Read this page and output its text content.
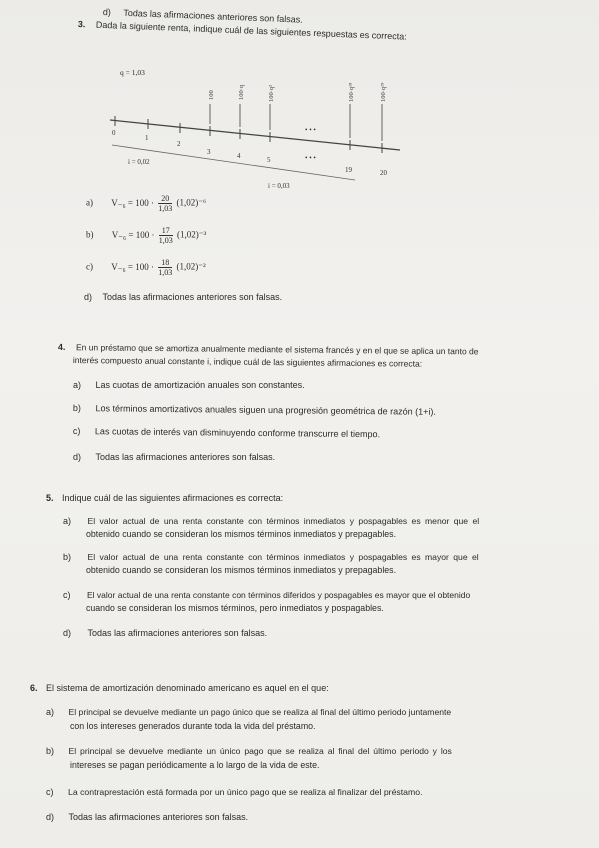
d) Todas las afirmaciones anteriores son falsas.
3. Dada la siguiente renta, indique cuál de las siguientes respuestas es correcta:
q = 1,03
0
1
2
3	4	5
19	20
• • •
• • •
100	100·q	100·q²	100·q¹⁸	100·q¹⁹
i = 0,02
i = 0,03
a) $V_{-6} = 100 \cdot \frac{20}{1,03} (1,02)^{-6}$
b) $V_{-6} = 100 \cdot \frac{17}{1,03} (1,02)^{-3}$
c) $V_{-6} = 100 \cdot \frac{18}{1,03} (1,02)^{-2}$
d) Todas las afirmaciones anteriores son falsas.
4. En un préstamo que se amortiza anualmente mediante el sistema francés y en el que se aplica un tanto de
interés compuesto anual constante i, indique cuál de las siguientes afirmaciones es correcta:
a) Las cuotas de amortización anuales son constantes.
b) Los términos amortizativos anuales siguen una progresión geométrica de razón (1+i).
c) Las cuotas de interés van disminuyendo conforme transcurre el tiempo.
d) Todas las afirmaciones anteriores son falsas.
5. Indique cuál de las siguientes afirmaciones es correcta:
a) El valor actual de una renta constante con términos inmediatos y pospagables es menor que el
obtenido cuando se consideran los mismos términos inmediatos y prepagables.
b) El valor actual de una renta constante con términos inmediatos y pospagables es mayor que el
obtenido cuando se consideran los mismos términos inmediatos y prepagables.
c) El valor actual de una renta constante con términos diferidos y pospagables es mayor que el obtenido
cuando se consideran los mismos términos, pero inmediatos y pospagables.
d) Todas las afirmaciones anteriores son falsas.
6. El sistema de amortización denominado americano es aquel en el que:
a) El principal se devuelve mediante un pago único que se realiza al final del último periodo juntamente
con los intereses generados durante toda la vida del préstamo.
b) El principal se devuelve mediante un único pago que se realiza al final del último periodo y los
intereses se pagan periódicamente a lo largo de la vida de este.
c) La contraprestación está formada por un único pago que se realiza al finalizar del préstamo.
d) Todas las afirmaciones anteriores son falsas.
